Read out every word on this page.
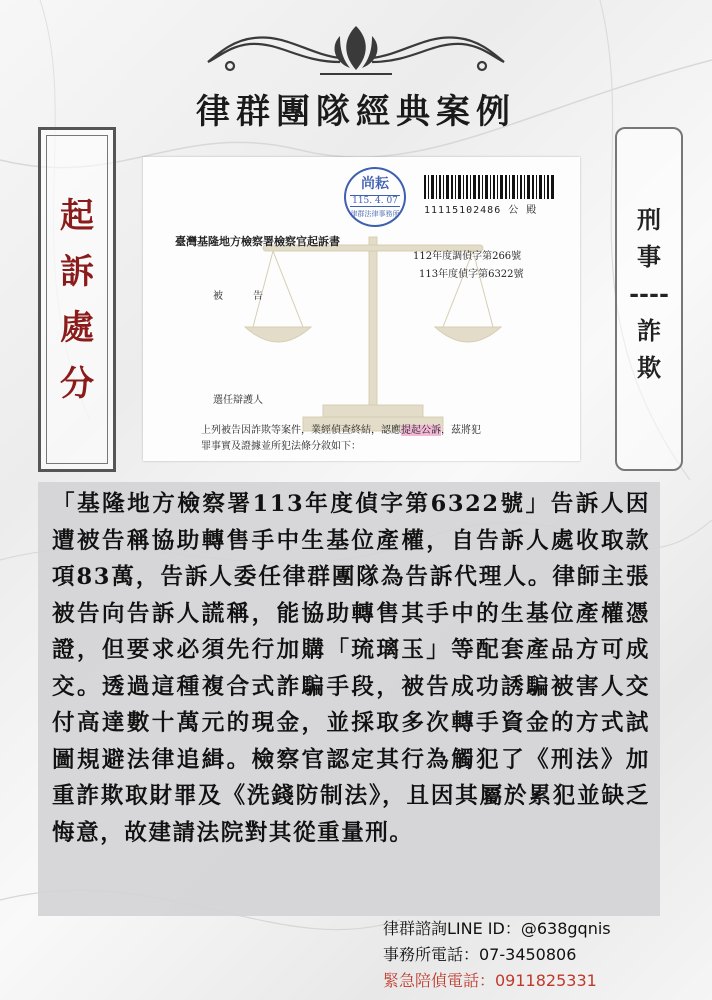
律群團隊經典案例
起
訴
處
分
刑
事
----
詐
欺
尚耘
115. 4. 07
律群法律事務所	11115102486 公 殿
臺灣基隆地方檢察署檢察官起訴書
112年度調偵字第266號
113年度偵字第6322號
被　　　告
選任辯護人
上列被告因詐欺等案件，業經偵查終結，認應提起公訴，茲將犯
罪事實及證據並所犯法條分敘如下：

「基隆地方檢察署113年度偵字第6322號」告訴人因遭被告稱協助轉售手中生基位產權，自告訴人處收取款項83萬，告訴人委任律群團隊為告訴代理人。律師主張被告向告訴人謊稱，能協助轉售其手中的生基位產權憑證，但要求必須先行加購「琉璃玉」等配套產品方可成交。透過這種複合式詐騙手段，被告成功誘騙被害人交付高達數十萬元的現金，並採取多次轉手資金的方式試圖規避法律追緝。檢察官認定其行為觸犯了《刑法》加重詐欺取財罪及《洗錢防制法》，且因其屬於累犯並缺乏悔意，故建請法院對其從重量刑。

律群諮詢LINE ID：@638gqnis
事務所電話：07-3450806
緊急陪偵電話：0911825331
